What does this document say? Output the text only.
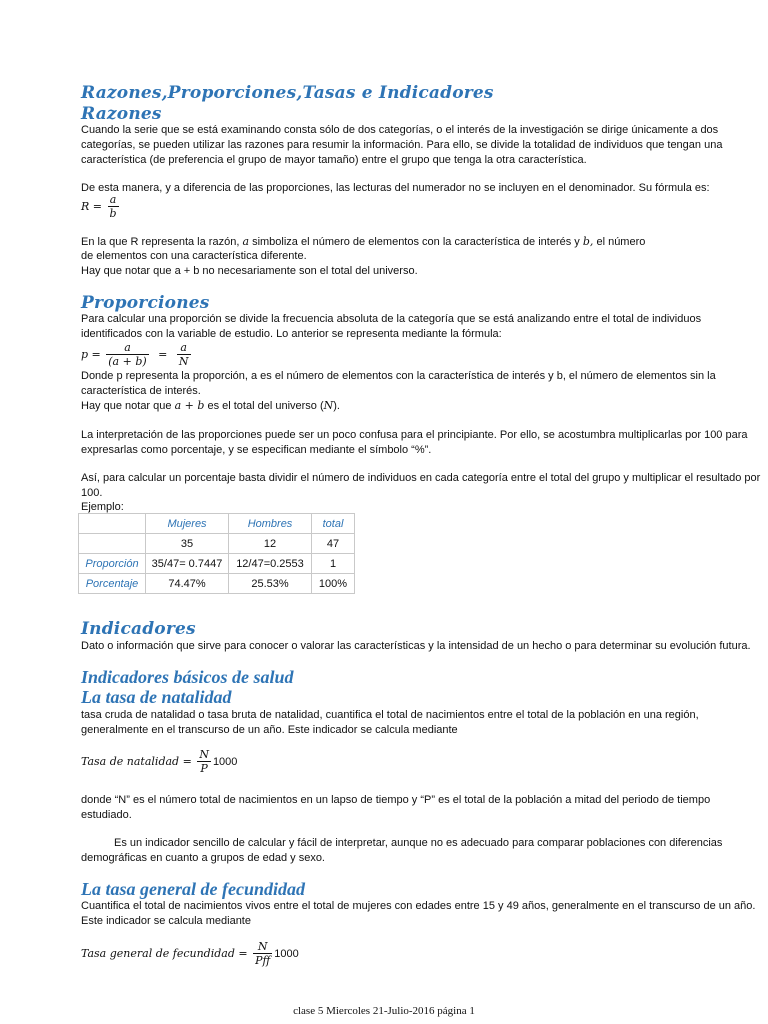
Razones,Proporciones,Tasas e Indicadores
Razones

Cuando la serie que se está examinando consta sólo de dos categorías, o el interés de la investigación se dirige únicamente a dos categorías, se pueden utilizar las razones para resumir la información. Para ello, se divide la totalidad de individuos que tengan una característica (de preferencia el grupo de mayor tamaño) entre el grupo que tenga la otra característica.

De esta manera, y a diferencia de las proporciones, las lecturas del numerador no se incluyen en el denominador. Su fórmula es:

$R = \frac{a}{b}$

En la que R representa la razón, a simboliza el número de elementos con la característica de interés y b, el número

de elementos con una característica diferente.

Hay que notar que a + b no necesariamente son el total del universo.

Proporciones

Para calcular una proporción se divide la frecuencia absoluta de la categoría que se está analizando entre el total de individuos identificados con la variable de estudio. Lo anterior se representa mediante la fórmula:

$p = \frac{a}{(a + b)} = \frac{a}{N}$

Donde p representa la proporción, a es el número de elementos con la característica de interés y b, el número de elementos sin la característica de interés.

Hay que notar que a + b es el total del universo (N).

La interpretación de las proporciones puede ser un poco confusa para el principiante. Por ello, se acostumbra multiplicarlas por 100 para expresarlas como porcentaje, y se especifican mediante el símbolo “%”.

Así, para calcular un porcentaje basta dividir el número de individuos en cada categoría entre el total del grupo y multiplicar el resultado por 100.

Ejemplo:

	Mujeres	Hombres	total
	35	12	47
Proporción	35/47= 0.7447	12/47=0.2553	1
Porcentaje	74.47%	25.53%	100%
Indicadores

Dato o información que sirve para conocer o valorar las características y la intensidad de un hecho o para determinar su evolución futura.

Indicadores básicos de salud
La tasa de natalidad

tasa cruda de natalidad o tasa bruta de natalidad, cuantifica el total de nacimientos entre el total de la población en una región, generalmente en el transcurso de un año. Este indicador se calcula mediante

Tasa de natalidad = $\frac{N}{P} 1000$

donde “N” es el número total de nacimientos en un lapso de tiempo y “P” es el total de la población a mitad del periodo de tiempo estudiado.

Es un indicador sencillo de calcular y fácil de interpretar, aunque no es adecuado para comparar poblaciones con diferencias demográficas en cuanto a grupos de edad y sexo.

La tasa general de fecundidad

Cuantifica el total de nacimientos vivos entre el total de mujeres con edades entre 15 y 49 años, generalmente en el transcurso de un año. Este indicador se calcula mediante

Tasa general de fecundidad = $\frac{N}{\text{Pff}} 1000$
clase 5 Miercoles 21-Julio-2016 página 1
